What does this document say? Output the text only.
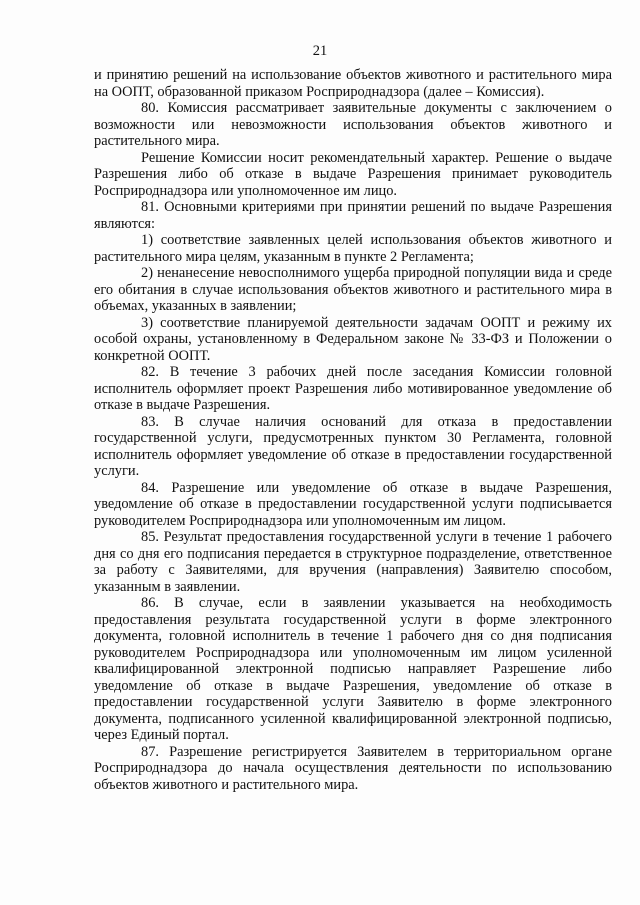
21

и принятию решений на использование объектов животного и растительного мира на ООПТ, образованной приказом Росприроднадзора (далее – Комиссия).

80. Комиссия рассматривает заявительные документы с заключением о возможности или невозможности использования объектов животного и растительного мира.

Решение Комиссии носит рекомендательный характер. Решение о выдаче Разрешения либо об отказе в выдаче Разрешения принимает руководитель Росприроднадзора или уполномоченное им лицо.

81. Основными критериями при принятии решений по выдаче Разрешения являются:

1) соответствие заявленных целей использования объектов животного и растительного мира целям, указанным в пункте 2 Регламента;

2) ненанесение невосполнимого ущерба природной популяции вида и среде его обитания в случае использования объектов животного и растительного мира в объемах, указанных в заявлении;

3) соответствие планируемой деятельности задачам ООПТ и режиму их особой охраны, установленному в Федеральном законе № 33-ФЗ и Положении о конкретной ООПТ.

82. В течение 3 рабочих дней после заседания Комиссии головной исполнитель оформляет проект Разрешения либо мотивированное уведомление об отказе в выдаче Разрешения.

83. В случае наличия оснований для отказа в предоставлении государственной услуги, предусмотренных пунктом 30 Регламента, головной исполнитель оформляет уведомление об отказе в предоставлении государственной услуги.

84. Разрешение или уведомление об отказе в выдаче Разрешения, уведомление об отказе в предоставлении государственной услуги подписывается руководителем Росприроднадзора или уполномоченным им лицом.

85. Результат предоставления государственной услуги в течение 1 рабочего дня со дня его подписания передается в структурное подразделение, ответственное за работу с Заявителями, для вручения (направления) Заявителю способом, указанным в заявлении.

86. В случае, если в заявлении указывается на необходимость предоставления результата государственной услуги в форме электронного документа, головной исполнитель в течение 1 рабочего дня со дня подписания руководителем Росприроднадзора или уполномоченным им лицом усиленной квалифицированной электронной подписью направляет Разрешение либо уведомление об отказе в выдаче Разрешения, уведомление об отказе в предоставлении государственной услуги Заявителю в форме электронного документа, подписанного усиленной квалифицированной электронной подписью, через Единый портал.

87. Разрешение регистрируется Заявителем в территориальном органе Росприроднадзора до начала осуществления деятельности по использованию объектов животного и растительного мира.
